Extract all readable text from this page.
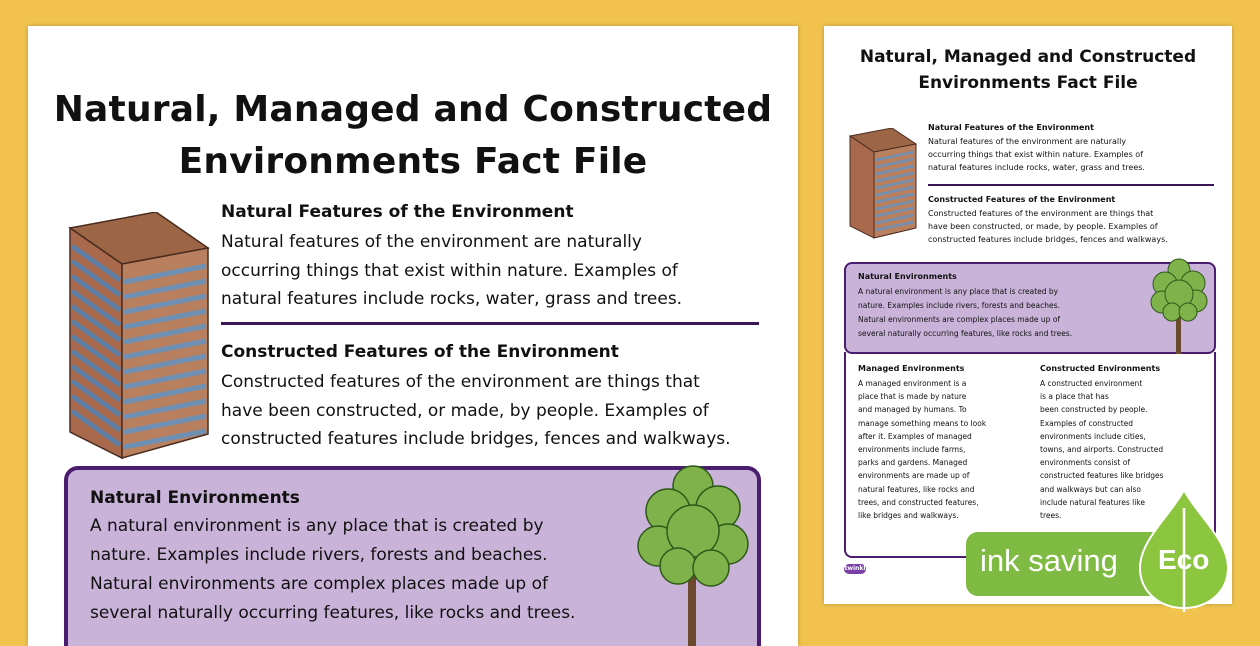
Natural, Managed and Constructed
Environments Fact File
Natural Features of the Environment

Natural features of the environment are naturally
occurring things that exist within nature. Examples of
natural features include rocks, water, grass and trees.

Constructed Features of the Environment

Constructed features of the environment are things that
have been constructed, or made, by people. Examples of
constructed features include bridges, fences and walkways.

Natural Environments

A natural environment is any place that is created by
nature. Examples include rivers, forests and beaches.
Natural environments are complex places made up of
several naturally occurring features, like rocks and trees.

Natural, Managed and Constructed
Environments Fact File
Natural Features of the Environment

Natural features of the environment are naturally
occurring things that exist within nature. Examples of
natural features include rocks, water, grass and trees.

Constructed Features of the Environment

Constructed features of the environment are things that
have been constructed, or made, by people. Examples of
constructed features include bridges, fences and walkways.

Natural Environments

A natural environment is any place that is created by
nature. Examples include rivers, forests and beaches.
Natural environments are complex places made up of
several naturally occurring features, like rocks and trees.

Managed Environments

A managed environment is a
place that is made by nature
and managed by humans. To
manage something means to look
after it. Examples of managed
environments include farms,
parks and gardens. Managed
environments are made up of
natural features, like rocks and
trees, and constructed features,
like bridges and walkways.

Constructed Environments

A constructed environment
is a place that has
been constructed by people.
Examples of constructed
environments include cities,
towns, and airports. Constructed
environments consist of
constructed features like bridges
and walkways but can also
include natural features like
trees.

twinkl	ink saving Eco
